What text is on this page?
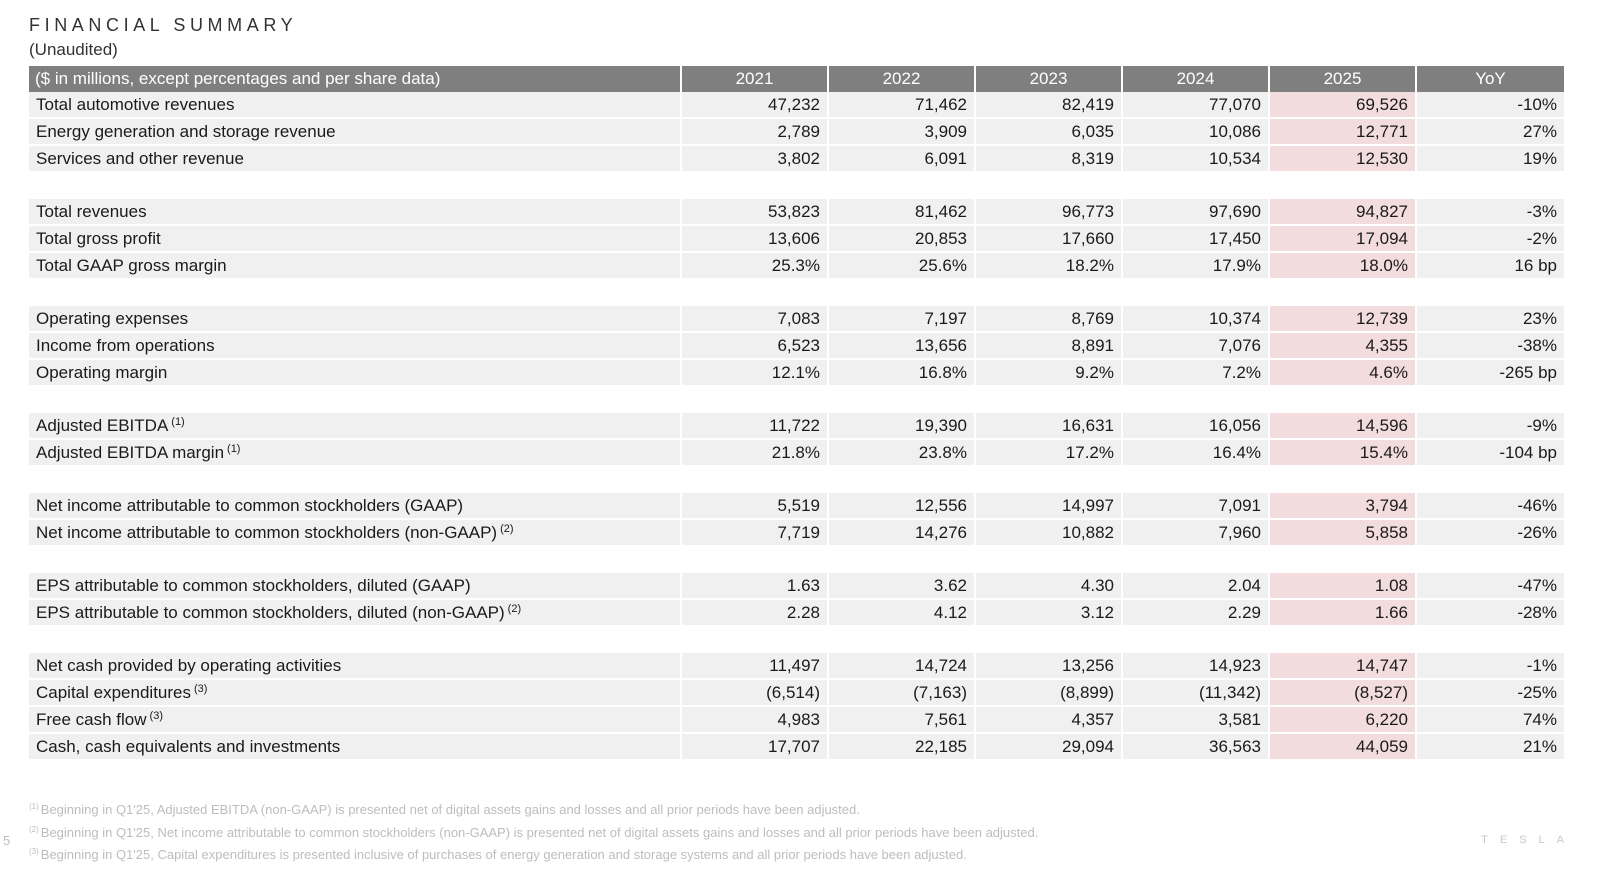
FINANCIAL SUMMARY
(Unaudited)
($ in millions, except percentages and per share data)	2021	2022	2023	2024	2025	YoY
Total automotive revenues	47,232	71,462	82,419	77,070	69,526	-10%
Energy generation and storage revenue	2,789	3,909	6,035	10,086	12,771	27%
Services and other revenue	3,802	6,091	8,319	10,534	12,530	19%

Total revenues	53,823	81,462	96,773	97,690	94,827	-3%
Total gross profit	13,606	20,853	17,660	17,450	17,094	-2%
Total GAAP gross margin	25.3%	25.6%	18.2%	17.9%	18.0%	16 bp

Operating expenses	7,083	7,197	8,769	10,374	12,739	23%
Income from operations	6,523	13,656	8,891	7,076	4,355	-38%
Operating margin	12.1%	16.8%	9.2%	7.2%	4.6%	-265 bp

Adjusted EBITDA $^{(1)}$	11,722	19,390	16,631	16,056	14,596	-9%
Adjusted EBITDA margin $^{(1)}$	21.8%	23.8%	17.2%	16.4%	15.4%	-104 bp

Net income attributable to common stockholders (GAAP)	5,519	12,556	14,997	7,091	3,794	-46%
Net income attributable to common stockholders (non-GAAP) $^{(2)}$	7,719	14,276	10,882	7,960	5,858	-26%

EPS attributable to common stockholders, diluted (GAAP)	1.63	3.62	4.30	2.04	1.08	-47%
EPS attributable to common stockholders, diluted (non-GAAP) $^{(2)}$	2.28	4.12	3.12	2.29	1.66	-28%

Net cash provided by operating activities	11,497	14,724	13,256	14,923	14,747	-1%
Capital expenditures $^{(3)}$	(6,514)	(7,163)	(8,899)	(11,342)	(8,527)	-25%
Free cash flow $^{(3)}$	4,983	7,561	4,357	3,581	6,220	74%
Cash, cash equivalents and investments	17,707	22,185	29,094	36,563	44,059	21%
$^{(1)}$ Beginning in Q1'25, Adjusted EBITDA (non-GAAP) is presented net of digital assets gains and losses and all prior periods have been adjusted.
$^{(2)}$ Beginning in Q1'25, Net income attributable to common stockholders (non-GAAP) is presented net of digital assets gains and losses and all prior periods have been adjusted.
$^{(3)}$ Beginning in Q1'25, Capital expenditures is presented inclusive of purchases of energy generation and storage systems and all prior periods have been adjusted.
5	TESLA
